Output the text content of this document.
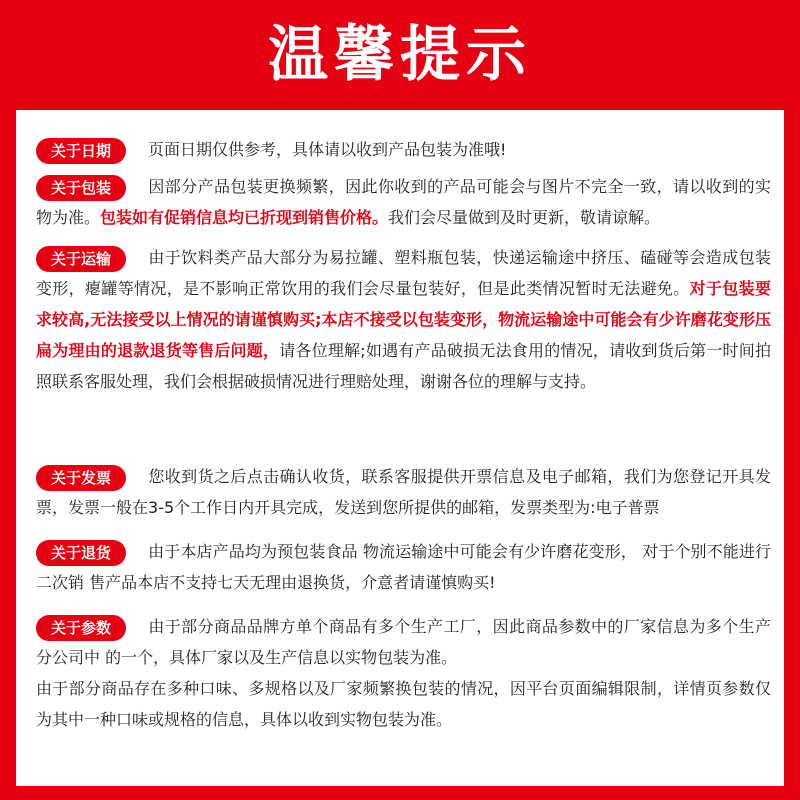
温馨提示
关于日期	页面日期仅供参考，具体请以收到产品包装为准哦!

关于包装	因部分产品包装更换频繁，因此你收到的产品可能会与图片不完全一致，请以收到的实物为准。包装如有促销信息均已折现到销售价格。我们会尽量做到及时更新，敬请谅解。

关于运输	由于饮料类产品大部分为易拉罐、塑料瓶包装，快递运输途中挤压、磕碰等会造成包装变形，瘪罐等情况，是不影响正常饮用的我们会尽量包装好，但是此类情况暂时无法避免。对于包装要求较高,无法接受以上情况的请谨慎购买;本店不接受以包装变形，物流运输途中可能会有少许磨花变形压扁为理由的退款退货等售后问题，请各位理解;如遇有产品破损无法食用的情况，请收到货后第一时间拍照联系客服处理，我们会根据破损情况进行理赔处理，谢谢各位的理解与支持。

关于发票	您收到货之后点击确认收货，联系客服提供开票信息及电子邮箱，我们为您登记开具发票，发票一般在3-5个工作日内开具完成，发送到您所提供的邮箱，发票类型为:电子普票

关于退货	由于本店产品均为预包装食品 物流运输途中可能会有少许磨花变形， 对于个别不能进行二次销 售产品本店不支持七天无理由退换货，介意者请谨慎购买!

关于参数	由于部分商品品牌方单个商品有多个生产工厂，因此商品参数中的厂家信息为多个生产分公司中 的一个，具体厂家以及生产信息以实物包装为准。

由于部分商品存在多种口味、多规格以及厂家频繁换包装的情况，因平台页面编辑限制，详情页参数仅为其中一种口味或规格的信息，具体以收到实物包装为准。
